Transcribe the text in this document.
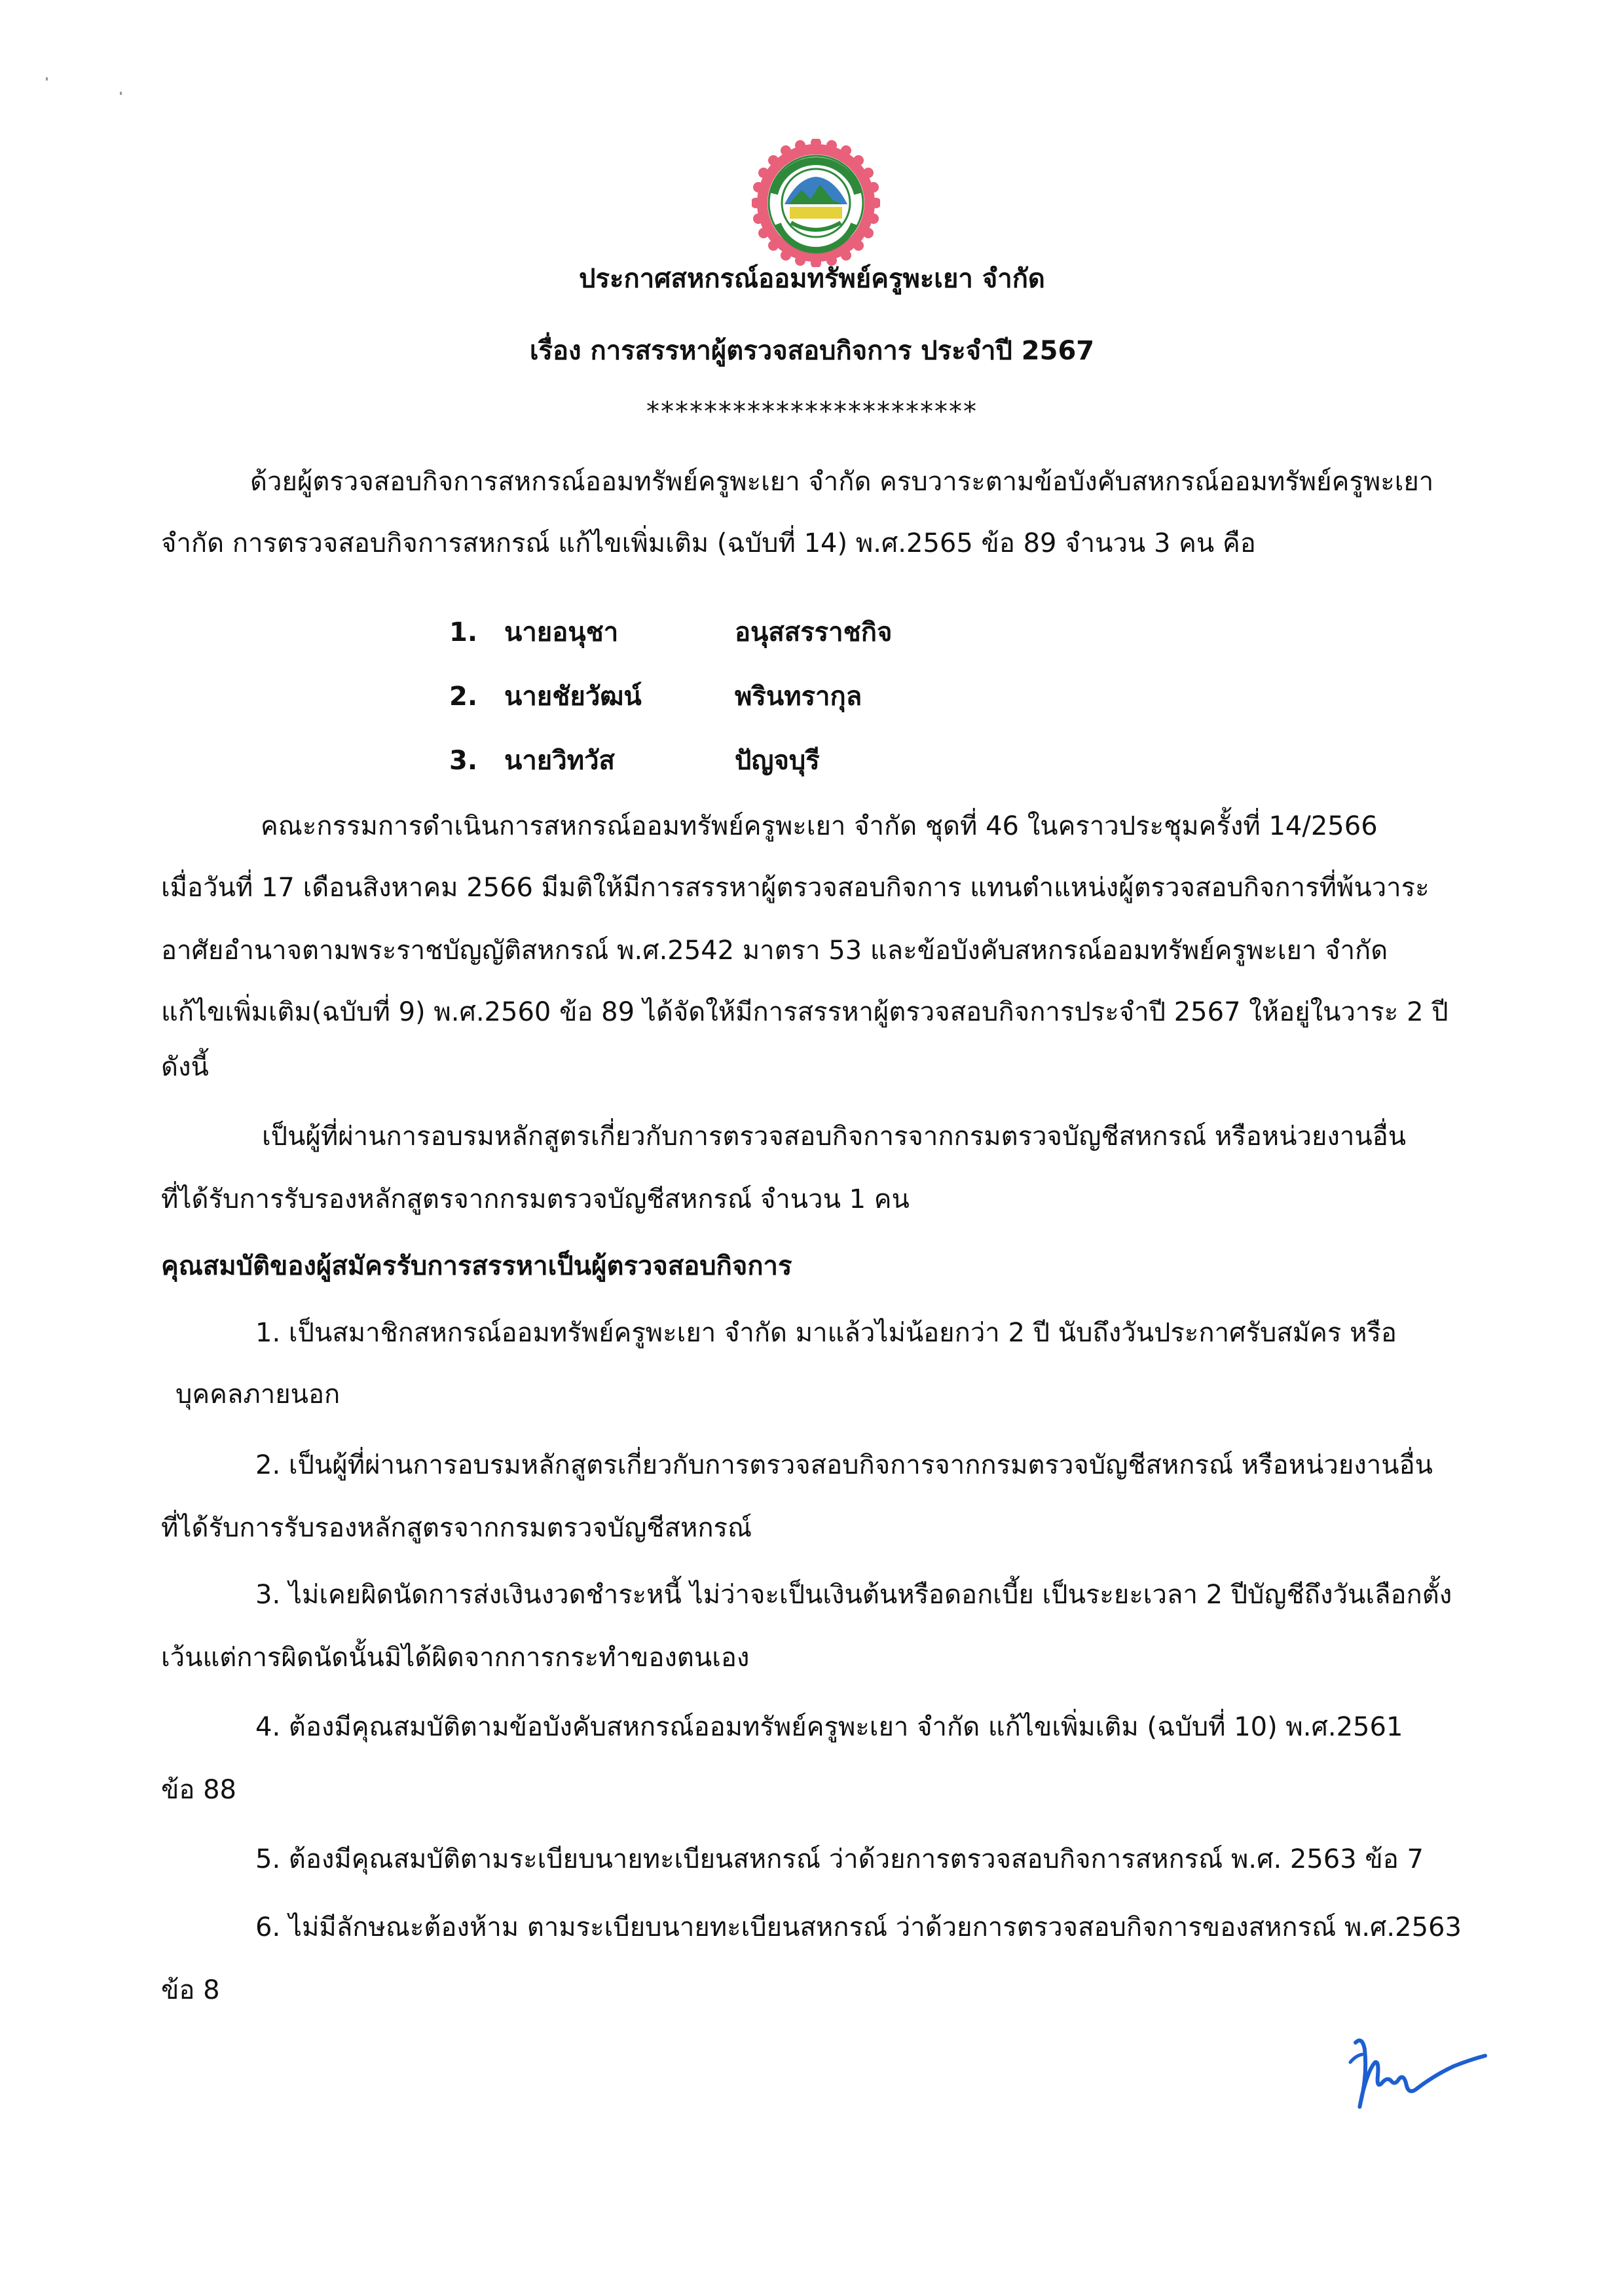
ประกาศสหกรณ์ออมทรัพย์ครูพะเยา จำกัด
เรื่อง การสรรหาผู้ตรวจสอบกิจการ ประจำปี 2567
***********************
ด้วยผู้ตรวจสอบกิจการสหกรณ์ออมทรัพย์ครูพะเยา จำกัด ครบวาระตามข้อบังคับสหกรณ์ออมทรัพย์ครูพะเยา
จำกัด การตรวจสอบกิจการสหกรณ์ แก้ไขเพิ่มเติม (ฉบับที่ 14) พ.ศ.2565 ข้อ 89 จำนวน 3 คน คือ
1. นายอนุชา	อนุสสรราชกิจ
2. นายชัยวัฒน์	พรินทรากุล
3. นายวิทวัส	ปัญจบุรี
คณะกรรมการดำเนินการสหกรณ์ออมทรัพย์ครูพะเยา จำกัด ชุดที่ 46 ในคราวประชุมครั้งที่ 14/2566
เมื่อวันที่ 17 เดือนสิงหาคม 2566 มีมติให้มีการสรรหาผู้ตรวจสอบกิจการ แทนตำแหน่งผู้ตรวจสอบกิจการที่พ้นวาระ
อาศัยอำนาจตามพระราชบัญญัติสหกรณ์ พ.ศ.2542 มาตรา 53 และข้อบังคับสหกรณ์ออมทรัพย์ครูพะเยา จำกัด
แก้ไขเพิ่มเติม(ฉบับที่ 9) พ.ศ.2560 ข้อ 89 ได้จัดให้มีการสรรหาผู้ตรวจสอบกิจการประจำปี 2567 ให้อยู่ในวาระ 2 ปี
ดังนี้
เป็นผู้ที่ผ่านการอบรมหลักสูตรเกี่ยวกับการตรวจสอบกิจการจากกรมตรวจบัญชีสหกรณ์ หรือหน่วยงานอื่น
ที่ได้รับการรับรองหลักสูตรจากกรมตรวจบัญชีสหกรณ์ จำนวน 1 คน
คุณสมบัติของผู้สมัครรับการสรรหาเป็นผู้ตรวจสอบกิจการ
1. เป็นสมาชิกสหกรณ์ออมทรัพย์ครูพะเยา จำกัด มาแล้วไม่น้อยกว่า 2 ปี นับถึงวันประกาศรับสมัคร หรือ
บุคคลภายนอก
2. เป็นผู้ที่ผ่านการอบรมหลักสูตรเกี่ยวกับการตรวจสอบกิจการจากกรมตรวจบัญชีสหกรณ์ หรือหน่วยงานอื่น
ที่ได้รับการรับรองหลักสูตรจากกรมตรวจบัญชีสหกรณ์
3. ไม่เคยผิดนัดการส่งเงินงวดชำระหนี้ ไม่ว่าจะเป็นเงินต้นหรือดอกเบี้ย เป็นระยะเวลา 2 ปีบัญชีถึงวันเลือกตั้ง
เว้นแต่การผิดนัดนั้นมิได้ผิดจากการกระทำของตนเอง
4. ต้องมีคุณสมบัติตามข้อบังคับสหกรณ์ออมทรัพย์ครูพะเยา จำกัด แก้ไขเพิ่มเติม (ฉบับที่ 10) พ.ศ.2561
ข้อ 88
5. ต้องมีคุณสมบัติตามระเบียบนายทะเบียนสหกรณ์ ว่าด้วยการตรวจสอบกิจการสหกรณ์ พ.ศ. 2563 ข้อ 7
6. ไม่มีลักษณะต้องห้าม ตามระเบียบนายทะเบียนสหกรณ์ ว่าด้วยการตรวจสอบกิจการของสหกรณ์ พ.ศ.2563
ข้อ 8
